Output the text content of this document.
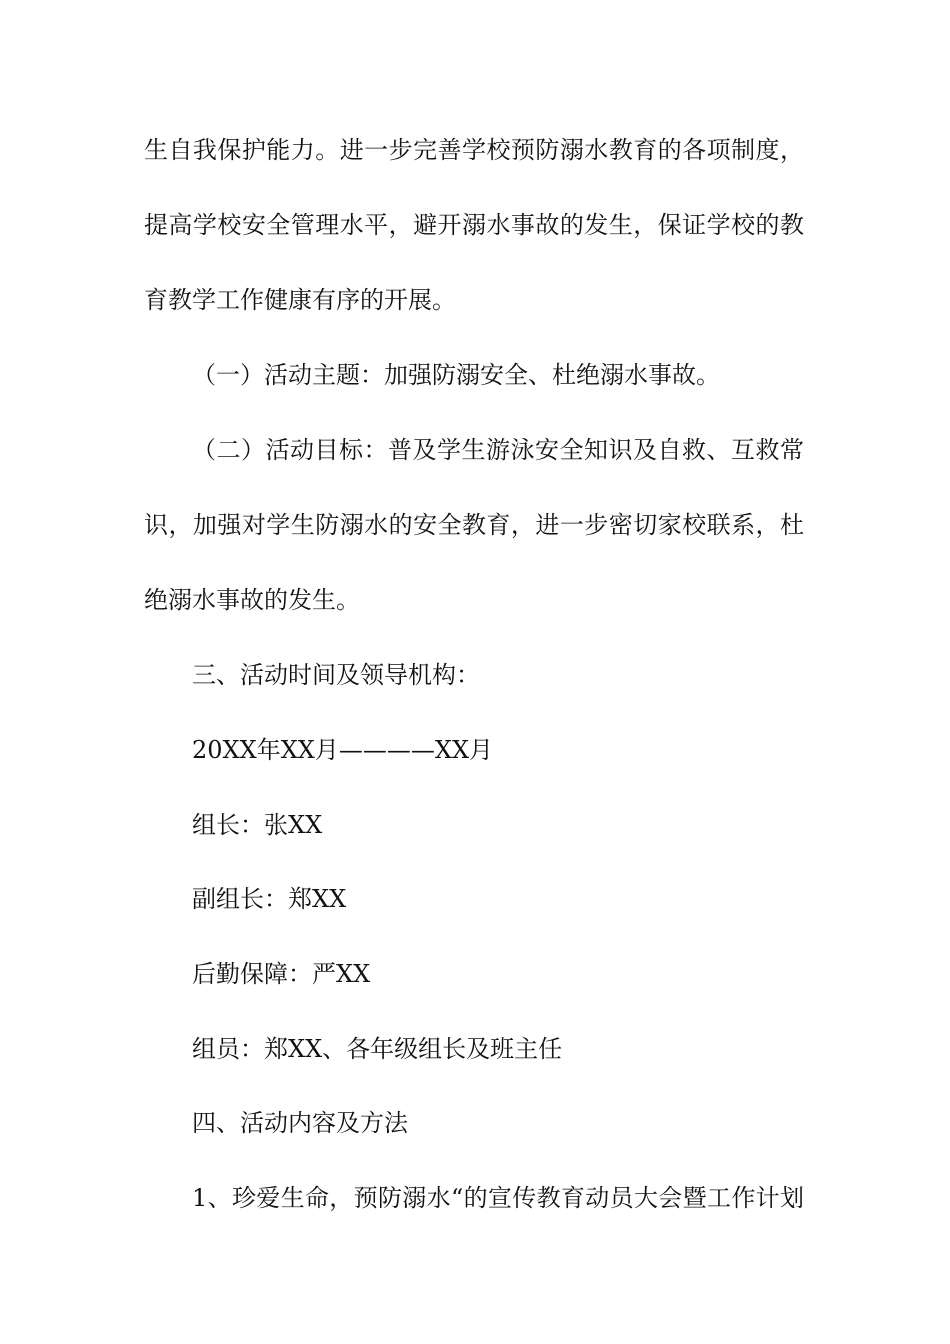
生自我保护能力。进一步完善学校预防溺水教育的各项制度，

提高学校安全管理水平，避开溺水事故的发生，保证学校的教

育教学工作健康有序的开展。

（一）活动主题：加强防溺安全、杜绝溺水事故。

（二）活动目标：普及学生游泳安全知识及自救、互救常

识，加强对学生防溺水的安全教育，进一步密切家校联系，杜

绝溺水事故的发生。

三、活动时间及领导机构：

20XX年XX月————XX月

组长：张XX

副组长：郑XX

后勤保障：严XX

组员：郑XX、各年级组长及班主任

四、活动内容及方法

1、珍爱生命，预防溺水“的宣传教育动员大会暨工作计划
